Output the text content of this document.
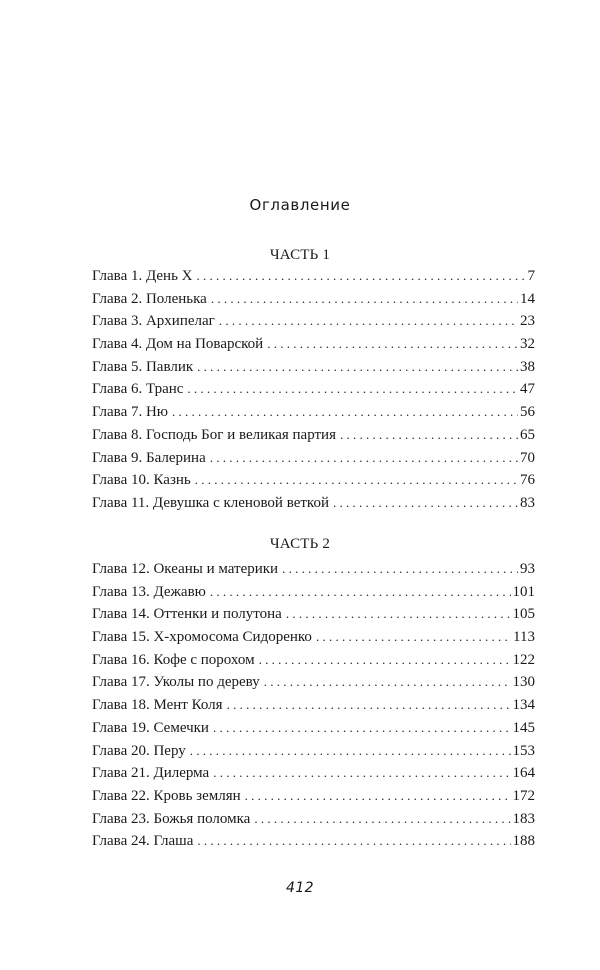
Оглавление
ЧАСТЬ 1
Глава 1. День Х . . .	7
Глава 2. Поленька . . .	14
Глава 3. Архипелаг . . .	23
Глава 4. Дом на Поварской . . .	32
Глава 5. Павлик . . .	38
Глава 6. Транс . . .	47
Глава 7. Ню . . .	56
Глава 8. Господь Бог и великая партия . . .	65
Глава 9. Балерина . . .	70
Глава 10. Казнь . . .	76
Глава 11. Девушка с кленовой веткой . . .	83
ЧАСТЬ 2
Глава 12. Океаны и материки . . .	93
Глава 13. Дежавю . . .	101
Глава 14. Оттенки и полутона . . .	105
Глава 15. Х-хромосома Сидоренко . . .	113
Глава 16. Кофе с порохом . . .	122
Глава 17. Уколы по дереву . . .	130
Глава 18. Мент Коля . . .	134
Глава 19. Семечки . . .	145
Глава 20. Перу . . .	153
Глава 21. Дилерма . . .	164
Глава 22. Кровь землян . . .	172
Глава 23. Божья поломка . . .	183
Глава 24. Глаша . . .	188
412
